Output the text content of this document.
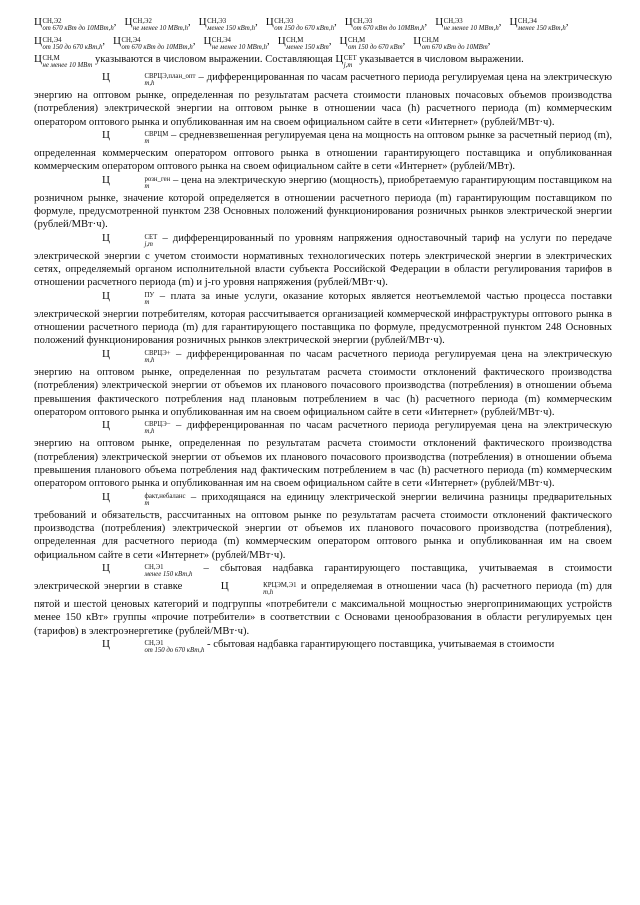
Ц СН,Э2
от 670 кВт до 10МВт,h
, Ц СН,Э2
не менее 10 МВт,h
, Ц СН,Э3
менее 150 кВт,h
, Ц СН,Э3
от 150 до 670 кВт,h
, Ц СН,Э3
от 670 кВт до 10МВт,h
, Ц СН,Э3
не менее 10 МВт,h
, Ц СН,Э4
менее 150 кВт,h
,
Ц СН,Э4
от 150 до 670 кВт,h
, Ц СН,Э4
от 670 кВт до 10МВт,h
, Ц СН,Э4
не менее 10 МВт,h
, Ц СН,М
менее 150 кВт
, Ц СН,М
от 150 до 670 кВт
, Ц СН,М
от 670 кВт до 10МВт
,

Ц СН,М
не менее 10 МВт
указываются в числовом выражении. Составляющая Ц СЕТ
j,m
указывается в числовом выражении.

Ц	СВРЦЭ,план_опт
m,h
– дифференцированная по часам расчетного периода регулируемая цена на электрическую энергию на оптовом рынке, определенная по результатам расчета стоимости плановых почасовых объемов производства (потребления) электрической энергии на оптовом рынке в отношении часа (h) расчетного периода (m) коммерческим оператором оптового рынка и опубликованная им на своем официальном сайте в сети «Интернет» (рублей/МВт·ч).

Ц	СВРЦМ
m
– средневзвешенная регулируемая цена на мощность на оптовом рынке за расчетный период (m), определенная коммерческим оператором оптового рынка в отношении гарантирующего поставщика и опубликованная коммерческим оператором оптового рынка на своем официальном сайте в сети «Интернет» (рублей/МВт).

Ц	розн_ген
m
– цена на электрическую энергию (мощность), приобретаемую гарантирующим поставщиком на розничном рынке, значение которой определяется в отношении расчетного периода (m) гарантирующим поставщиком по формуле, предусмотренной пунктом 238 Основных положений функционирования розничных рынков электрической энергии (рублей/МВт·ч).

Ц	СЕТ
j,m
– дифференцированный по уровням напряжения одноставочный тариф на услуги по передаче электрической энергии с учетом стоимости нормативных технологических потерь электрической энергии в электрических сетях, определяемый органом исполнительной власти субъекта Российской Федерации в области регулирования тарифов в отношении расчетного периода (m) и j-го уровня напряжения (рублей/МВт·ч).

Ц	ПУ
m
– плата за иные услуги, оказание которых является неотъемлемой частью процесса поставки электрической энергии потребителям, которая рассчитывается организацией коммерческой инфраструктуры оптового рынка в отношении расчетного периода (m) для гарантирующего поставщика по формуле, предусмотренной пунктом 248 Основных положений функционирования розничных рынков электрической энергии (рублей/МВт·ч).

Ц	СВРЦЭ+
m,h
– дифференцированная по часам расчетного периода регулируемая цена на электрическую энергию на оптовом рынке, определенная по результатам расчета стоимости отклонений фактического производства (потребления) электрической энергии от объемов их планового почасового производства (потребления) в отношении объема превышения фактического потребления над плановым потреблением в час (h) расчетного периода (m) коммерческим оператором оптового рынка и опубликованная им на своем официальном сайте в сети «Интернет» (рублей/МВт·ч).

Ц	СВРЦЭ−
m,h
– дифференцированная по часам расчетного периода регулируемая цена на электрическую энергию на оптовом рынке, определенная по результатам расчета стоимости отклонений фактического производства (потребления) электрической энергии от объемов их планового почасового производства (потребления) в отношении объема превышения планового объема потребления над фактическим потреблением в час (h) расчетного периода (m) коммерческим оператором оптового рынка и опубликованная им на своем официальном сайте в сети «Интернет» (рублей/МВт·ч).

Ц	факт,небаланс
m
– приходящаяся на единицу электрической энергии величина разницы предварительных требований и обязательств, рассчитанных на оптовом рынке по результатам расчета стоимости отклонений фактического производства (потребления) электрической энергии от объемов их планового почасового производства (потребления), определенная для расчетного периода (m) коммерческим оператором оптового рынка и опубликованная им на своем официальном сайте в сети «Интернет» (рублей/МВт·ч).

Ц	СН,Э1
менее 150 кВт,h
– сбытовая надбавка гарантирующего поставщика, учитываемая в стоимости электрической энергии в ставке	Ц	КРЦЭМ,Э1
m,h
и определяемая в отношении часа (h) расчетного периода (m) для пятой и шестой ценовых категорий и подгруппы «потребители с максимальной мощностью энергопринимающих устройств менее 150 кВт» группы «прочие потребители» в соответствии с Основами ценообразования в области регулируемых цен (тарифов) в электроэнергетике (рублей/МВт·ч).

Ц	СН,Э1
от 150 до 670 кВт,h
- сбытовая надбавка гарантирующего поставщика, учитываемая в стоимости
